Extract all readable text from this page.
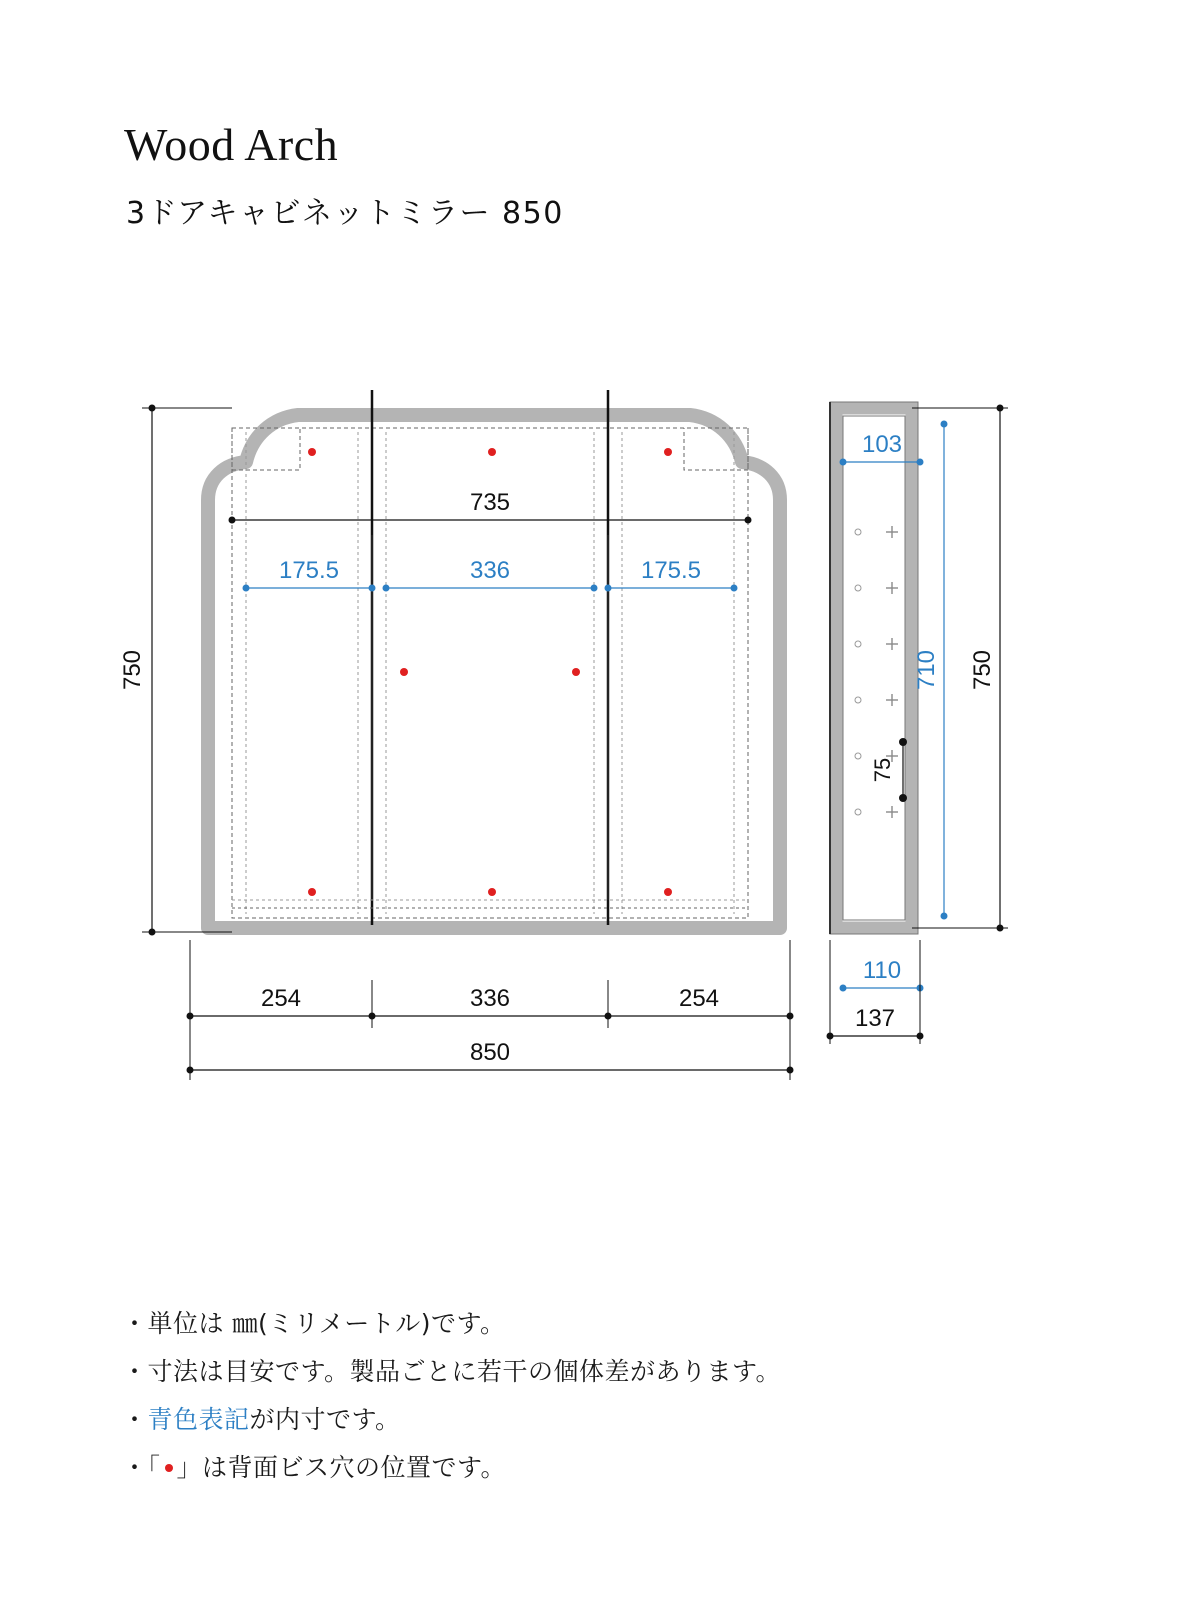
Wood Arch
3ドアキャビネットミラー 850
735
175.5	336	175.5
750
254	336	254
850
103
710 750
75
110
137
・単位は ㎜(ミリメートル)です。
・寸法は目安です。製品ごとに若干の個体差があります。
・青色表記が内寸です。
・「 」は背面ビス穴の位置です。
